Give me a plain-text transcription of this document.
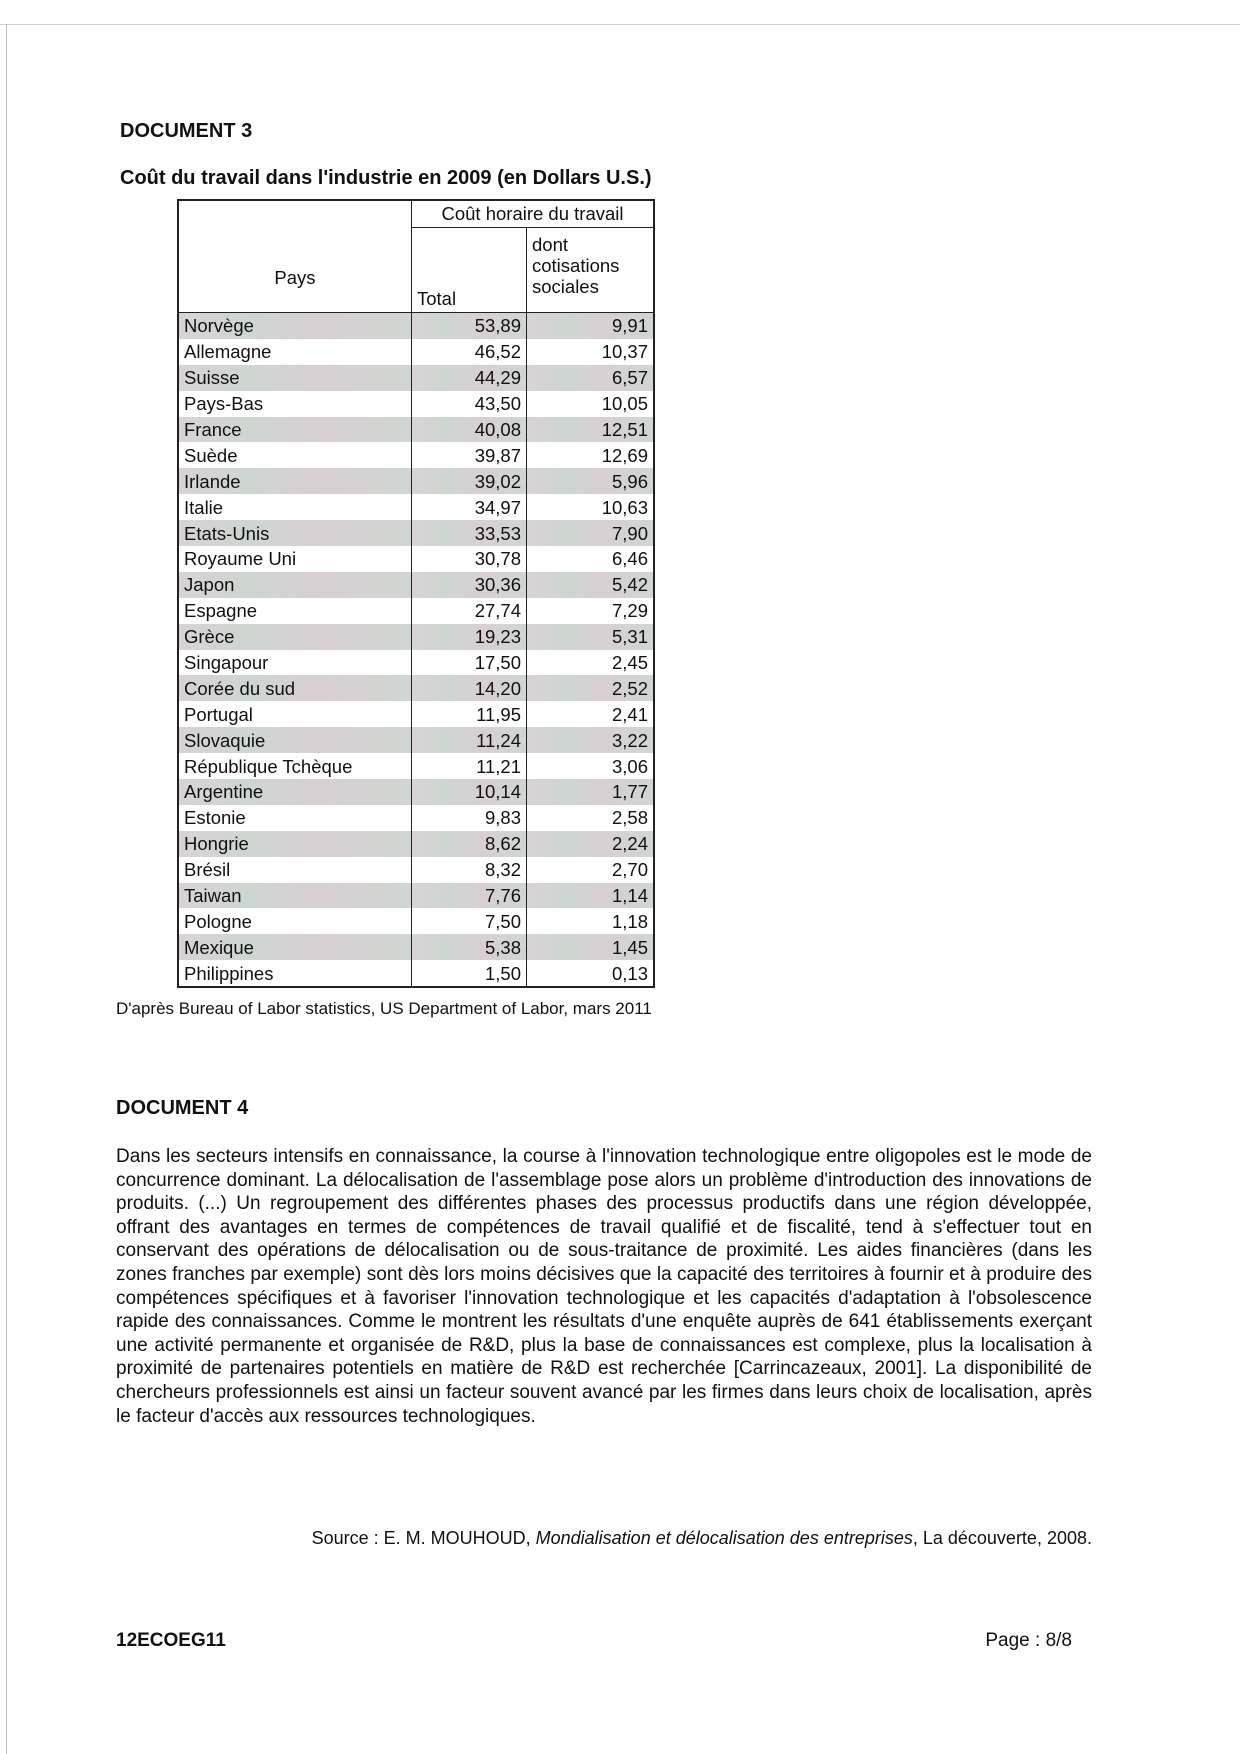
DOCUMENT 3
Coût du travail dans l'industrie en 2009 (en Dollars U.S.)
Pays	Coût horaire du travail	
	Total	dont cotisations sociales
Norvège	53,89	9,91
Allemagne	46,52	10,37
Suisse	44,29	6,57
Pays-Bas	43,50	10,05
France	40,08	12,51
Suède	39,87	12,69
Irlande	39,02	5,96
Italie	34,97	10,63
Etats-Unis	33,53	7,90
Royaume Uni	30,78	6,46
Japon	30,36	5,42
Espagne	27,74	7,29
Grèce	19,23	5,31
Singapour	17,50	2,45
Corée du sud	14,20	2,52
Portugal	11,95	2,41
Slovaquie	11,24	3,22
République Tchèque	11,21	3,06
Argentine	10,14	1,77
Estonie	9,83	2,58
Hongrie	8,62	2,24
Brésil	8,32	2,70
Taiwan	7,76	1,14
Pologne	7,50	1,18
Mexique	5,38	1,45
Philippines	1,50	0,13
D'après Bureau of Labor statistics, US Department of Labor, mars 2011
DOCUMENT 4
Dans les secteurs intensifs en connaissance, la course à l'innovation technologique entre oligopoles est le mode de concurrence dominant. La délocalisation de l'assemblage pose alors un problème d'introduction des innovations de produits. (...) Un regroupement des différentes phases des processus productifs dans une région développée, offrant des avantages en termes de compétences de travail qualifié et de fiscalité, tend à s'effectuer tout en conservant des opérations de délocalisation ou de sous-traitance de proximité. Les aides financières (dans les zones franches par exemple) sont dès lors moins décisives que la capacité des territoires à fournir et à produire des compétences spécifiques et à favoriser l'innovation technologique et les capacités d'adaptation à l'obsolescence rapide des connaissances. Comme le montrent les résultats d'une enquête auprès de 641 établissements exerçant une activité permanente et organisée de R&D, plus la base de connaissances est complexe, plus la localisation à proximité de partenaires potentiels en matière de R&D est recherchée [Carrincazeaux, 2001]. La disponibilité de chercheurs professionnels est ainsi un facteur souvent avancé par les firmes dans leurs choix de localisation, après le facteur d'accès aux ressources technologiques.
Source : E. M. MOUHOUD, Mondialisation et délocalisation des entreprises, La découverte, 2008.
12ECOEG11	Page : 8/8
